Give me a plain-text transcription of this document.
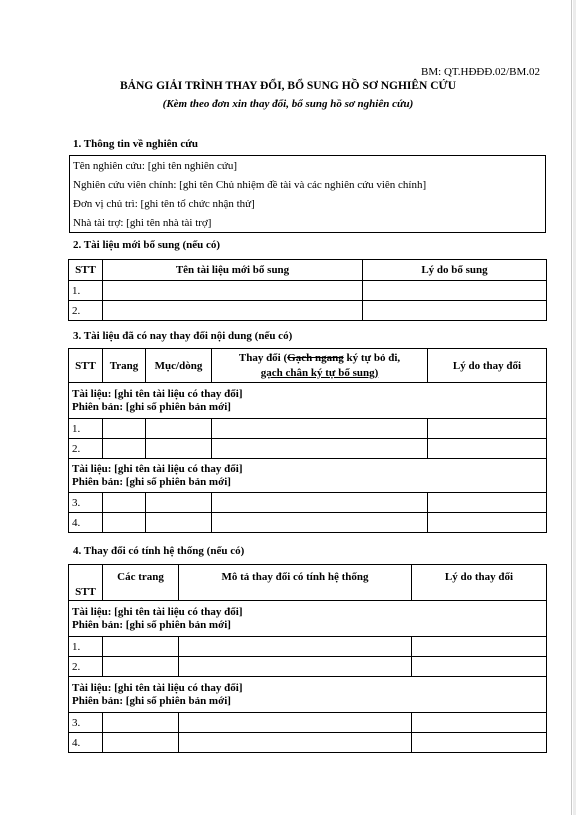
BM: QT.HĐĐĐ.02/BM.02
BẢNG GIẢI TRÌNH THAY ĐỔI, BỔ SUNG HỒ SƠ NGHIÊN CỨU
(Kèm theo đơn xin thay đổi, bổ sung hồ sơ nghiên cứu)
1. Thông tin về nghiên cứu
Tên nghiên cứu: [ghi tên nghiên cứu]
Nghiên cứu viên chính: [ghi tên Chủ nhiệm đề tài và các nghiên cứu viên chính]
Đơn vị chủ trì: [ghi tên tổ chức nhận thử]
Nhà tài trợ: [ghi tên nhà tài trợ]
2. Tài liệu mới bổ sung (nếu có)
STT	Tên tài liệu mới bổ sung	Lý do bổ sung
1.		
2.		
3. Tài liệu đã có nay thay đổi nội dung (nếu có)
STT	Trang	Mục/dòng	Thay đổi (Gạch ngang ký tự bỏ đi,
gạch chân ký tự bổ sung)	Lý do thay đổi

Tài liệu: [ghi tên tài liệu có thay đổi]
Phiên bản: [ghi số phiên bản mới]				

1.				
2.				

Tài liệu: [ghi tên tài liệu có thay đổi]
Phiên bản: [ghi số phiên bản mới]				

3.				
4.				
4. Thay đổi có tính hệ thống (nếu có)
STT	Các trang	Mô tả thay đổi có tính hệ thống	Lý do thay đổi

Tài liệu: [ghi tên tài liệu có thay đổi]
Phiên bản: [ghi số phiên bản mới]			

1.			
2.			

Tài liệu: [ghi tên tài liệu có thay đổi]
Phiên bản: [ghi số phiên bản mới]			

3.			
4.			
